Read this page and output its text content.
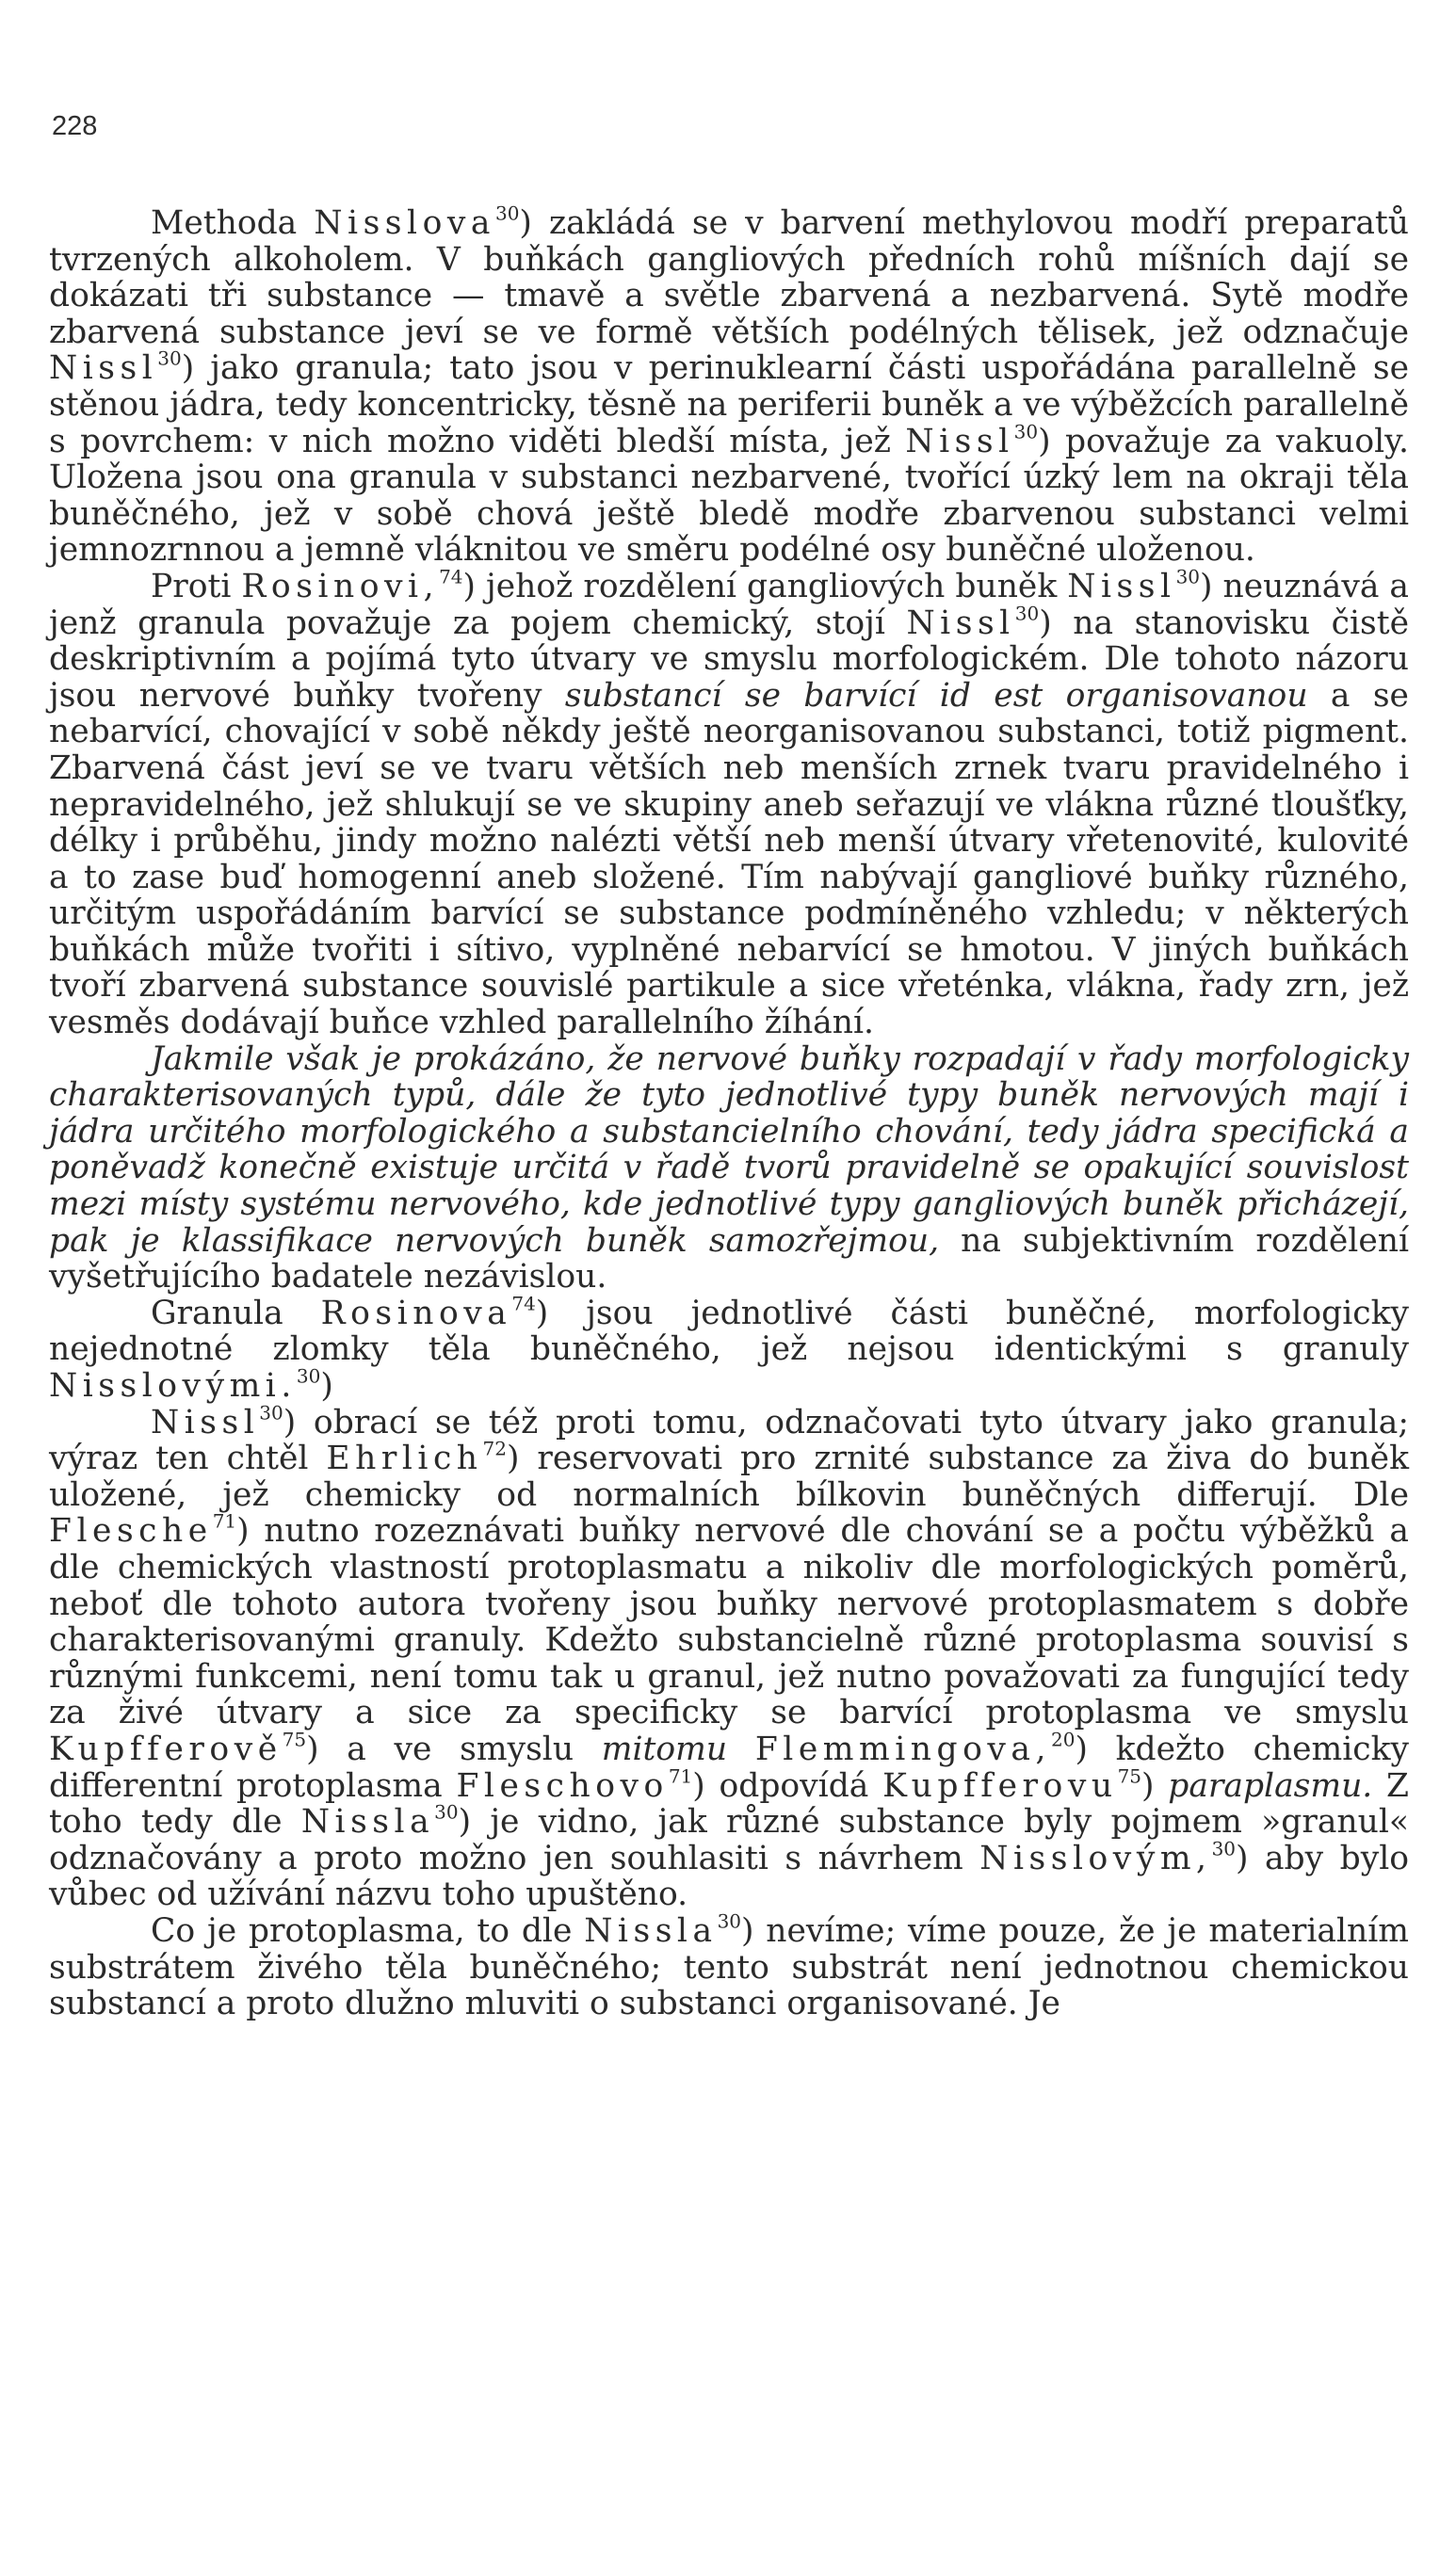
228

Methoda Nisslova$^{30}$) zakládá se v barvení methylovou modří preparatů tvrzených alkoholem. V buňkách gangliových předních rohů míšních dají se dokázati tři substance — tmavě a světle zbarvená a nezbarvená. Sytě modře zbarvená substance jeví se ve formě větších podélných tělisek, jež odznačuje Nissl$^{30}$) jako granula; tato jsou v perinuklearní části uspořádána parallelně se stěnou jádra, tedy koncentricky, těsně na periferii buněk a ve výběžcích parallelně s povrchem: v nich možno viděti bledší místa, jež Nissl$^{30}$) považuje za vakuoly. Uložena jsou ona granula v substanci nezbarvené, tvořící úzký lem na okraji těla buněčného, jež v sobě chová ještě bledě modře zbarvenou substanci velmi jemnozrnnou a jemně vláknitou ve směru podélné osy buněčné uloženou.

Proti Rosinovi,$^{74}$) jehož rozdělení gangliových buněk Nissl$^{30}$) neuznává a jenž granula považuje za pojem chemický, stojí Nissl$^{30}$) na stanovisku čistě deskriptivním a pojímá tyto útvary ve smyslu morfologickém. Dle tohoto názoru jsou nervové buňky tvořeny substancí se barvící id est organisovanou a se nebarvící, chovající v sobě někdy ještě neorganisovanou substanci, totiž pigment. Zbarvená část jeví se ve tvaru větších neb menších zrnek tvaru pravidelného i nepravidelného, jež shlukují se ve skupiny aneb seřazují ve vlákna různé tloušťky, délky i průběhu, jindy možno nalézti větší neb menší útvary vřetenovité, kulovité a to zase buď homogenní aneb složené. Tím nabývají gangliové buňky různého, určitým uspořádáním barvící se substance podmíněného vzhledu; v některých buňkách může tvořiti i sítivo, vyplněné nebarvící se hmotou. V jiných buňkách tvoří zbarvená substance souvislé partikule a sice vřeténka, vlákna, řady zrn, jež vesměs dodávají buňce vzhled parallelního žíhání.

Jakmile však je prokázáno, že nervové buňky rozpadají v řady morfologicky charakterisovaných typů, dále že tyto jednotlivé typy buněk nervových mají i jádra určitého morfologického a substancielního chování, tedy jádra specifická a poněvadž konečně existuje určitá v řadě tvorů pravidelně se opakující souvislost mezi místy systému nervového, kde jednotlivé typy gangliových buněk přicházejí, pak je klassifikace nervových buněk samozřejmou, na subjektivním rozdělení vyšetřujícího badatele nezávislou.

Granula Rosinova$^{74}$) jsou jednotlivé části buněčné, morfologicky nejednotné zlomky těla buněčného, jež nejsou identickými s granuly Nisslovými.$^{30}$)

Nissl$^{30}$) obrací se též proti tomu, odznačovati tyto útvary jako granula; výraz ten chtěl Ehrlich$^{72}$) reservovati pro zrnité substance za živa do buněk uložené, jež chemicky od normalních bílkovin buněčných differují. Dle Flesche$^{71}$) nutno rozeznávati buňky nervové dle chování se a počtu výběžků a dle chemických vlastností protoplasmatu a nikoliv dle morfologických poměrů, neboť dle tohoto autora tvořeny jsou buňky nervové protoplasmatem s dobře charakterisovanými granuly. Kdežto substancielně různé protoplasma souvisí s různými funkcemi, není tomu tak u granul, jež nutno považovati za fungující tedy za živé útvary a sice za specificky se barvící protoplasma ve smyslu Kupfferově$^{75}$) a ve smyslu mitomu Flemmingova,$^{20}$) kdežto chemicky differentní protoplasma Fleschovo$^{71}$) odpovídá Kupfferovu$^{75}$) paraplasmu. Z toho tedy dle Nissla$^{30}$) je vidno, jak různé substance byly pojmem »granul« odznačovány a proto možno jen souhlasiti s návrhem Nisslovým,$^{30}$) aby bylo vůbec od užívání názvu toho upuštěno.

Co je protoplasma, to dle Nissla$^{30}$) nevíme; víme pouze, že je materialním substrátem živého těla buněčného; tento substrát není jednotnou chemickou substancí a proto dlužno mluviti o substanci organisované. Je
